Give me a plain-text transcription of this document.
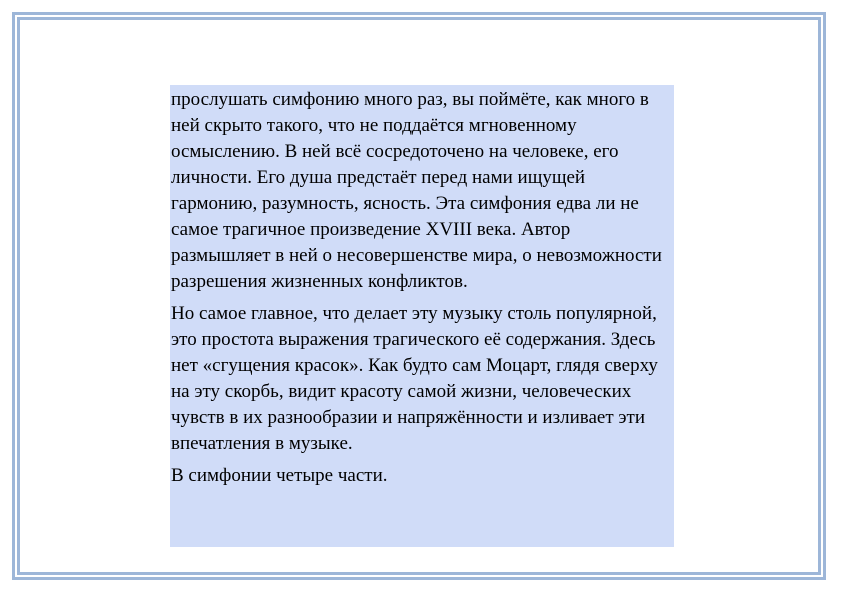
прослушать симфонию много раз, вы поймёте, как много в ней скрыто такого, что не поддаётся мгновенному осмыслению. В ней всё сосредоточено на человеке, его личности. Его душа предстаёт перед нами ищущей гармонию, разумность, ясность. Эта симфония едва ли не самое трагичное произведение XVIII века. Автор размышляет в ней о несовершенстве мира, о невозможности разрешения жизненных конфликтов.

Но самое главное, что делает эту музыку столь популярной, это простота выражения трагического её содержания. Здесь нет «сгущения красок». Как будто сам Моцарт, глядя сверху на эту скорбь, видит красоту самой жизни, человеческих чувств в их разнообразии и напряжённости и изливает эти впечатления в музыке.

В симфонии четыре части.
